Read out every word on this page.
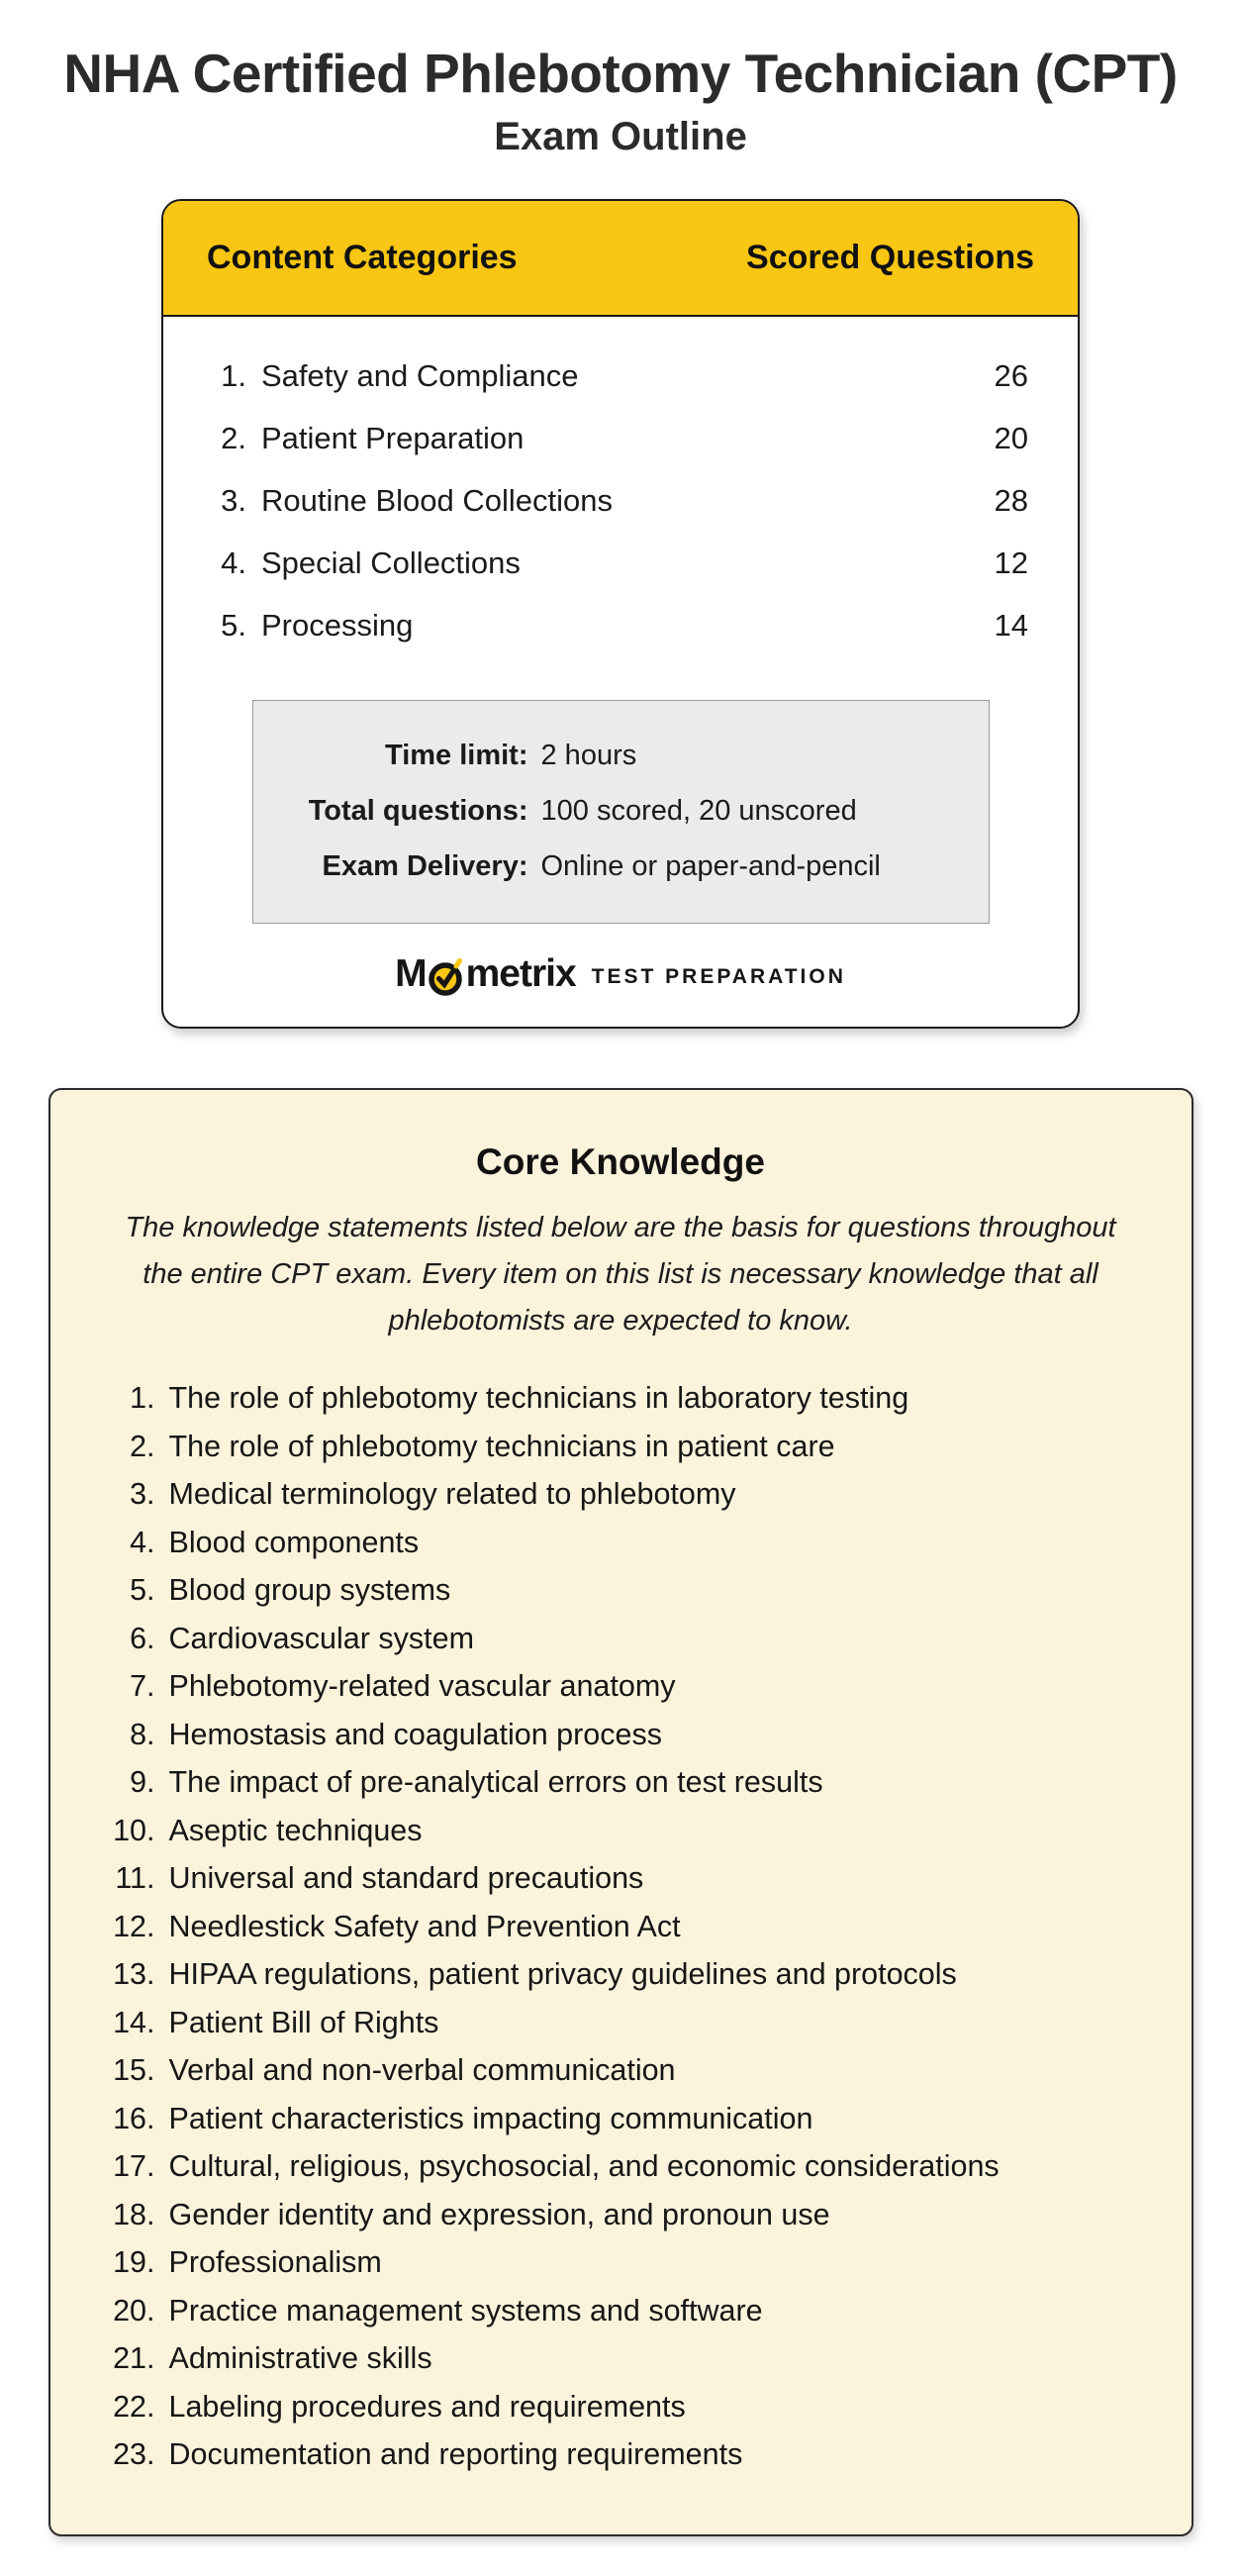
NHA Certified Phlebotomy Technician (CPT)
Exam Outline
Content Categories	Scored Questions
1. Safety and Compliance	26
2. Patient Preparation	20
3. Routine Blood Collections	28
4. Special Collections	12
5. Processing	14
Time limit: 2 hours
Total questions: 100 scored, 20 unscored
Exam Delivery: Online or paper-and-pencil
M metrix TEST PREPARATION
Core Knowledge

The knowledge statements listed below are the basis for questions throughout the entire CPT exam. Every item on this list is necessary knowledge that all phlebotomists are expected to know.

1. The role of phlebotomy technicians in laboratory testing
2. The role of phlebotomy technicians in patient care
3. Medical terminology related to phlebotomy
4. Blood components
5. Blood group systems
6. Cardiovascular system
7. Phlebotomy-related vascular anatomy
8. Hemostasis and coagulation process
9. The impact of pre-analytical errors on test results
10. Aseptic techniques
11. Universal and standard precautions
12. Needlestick Safety and Prevention Act
13. HIPAA regulations, patient privacy guidelines and protocols
14. Patient Bill of Rights
15. Verbal and non-verbal communication
16. Patient characteristics impacting communication
17. Cultural, religious, psychosocial, and economic considerations
18. Gender identity and expression, and pronoun use
19. Professionalism
20. Practice management systems and software
21. Administrative skills
22. Labeling procedures and requirements
23. Documentation and reporting requirements
